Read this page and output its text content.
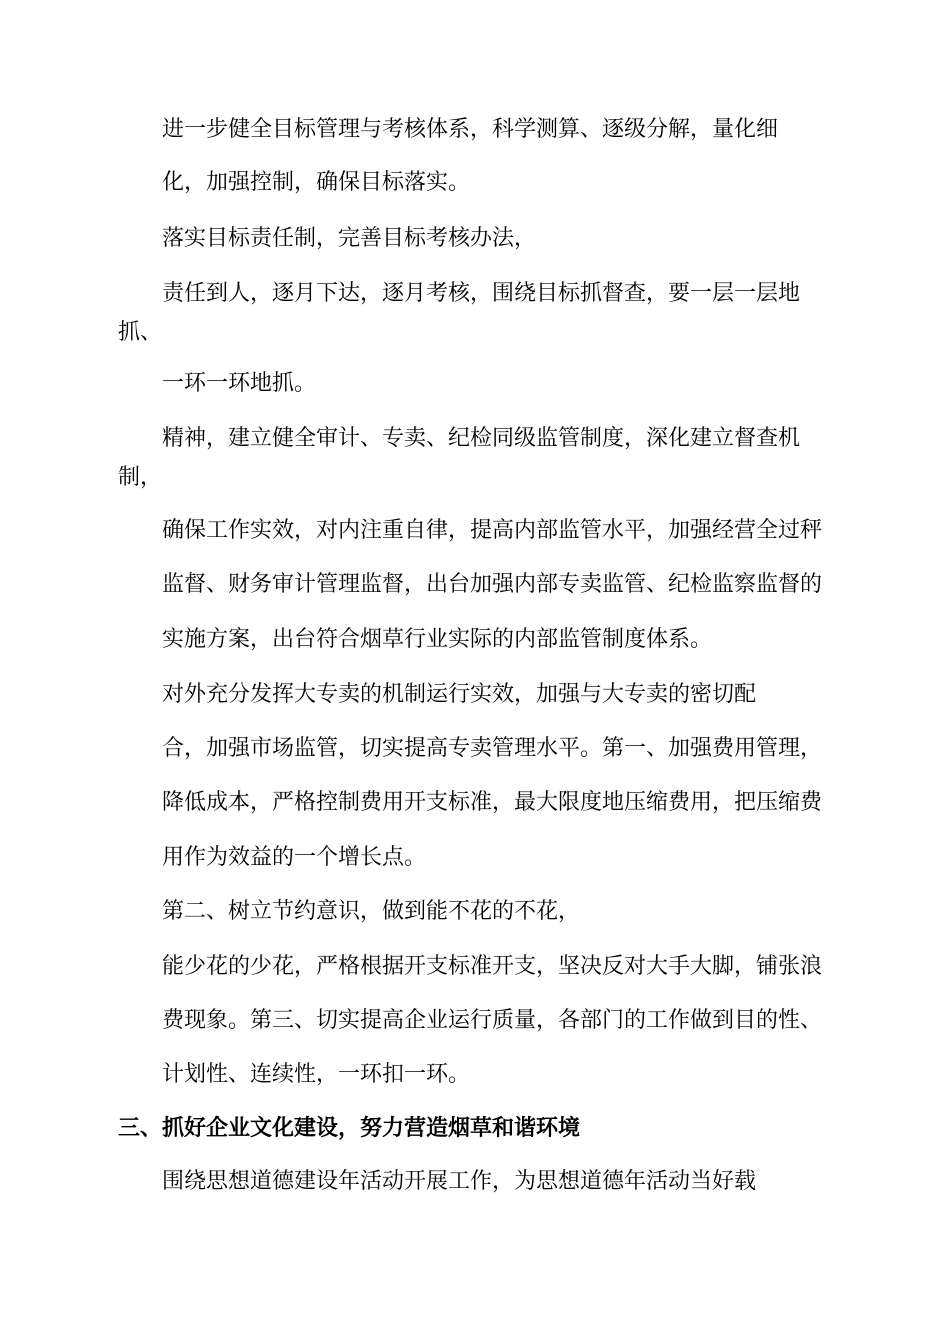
进一步健全目标管理与考核体系，科学测算、逐级分解，量化细
化，加强控制，确保目标落实。
落实目标责任制，完善目标考核办法，
责任到人，逐月下达，逐月考核，围绕目标抓督查，要一层一层地
抓、
一环一环地抓。
精神，建立健全审计、专卖、纪检同级监管制度，深化建立督查机
制，
确保工作实效，对内注重自律，提高内部监管水平，加强经营全过秤
监督、财务审计管理监督，出台加强内部专卖监管、纪检监察监督的
实施方案，出台符合烟草行业实际的内部监管制度体系。
对外充分发挥大专卖的机制运行实效，加强与大专卖的密切配
合，加强市场监管，切实提高专卖管理水平。第一、加强费用管理，
降低成本，严格控制费用开支标准，最大限度地压缩费用，把压缩费
用作为效益的一个增长点。
第二、树立节约意识，做到能不花的不花，
能少花的少花，严格根据开支标准开支，坚决反对大手大脚，铺张浪
费现象。第三、切实提高企业运行质量，各部门的工作做到目的性、
计划性、连续性，一环扣一环。
三、抓好企业文化建设，努力营造烟草和谐环境
围绕思想道德建设年活动开展工作，为思想道德年活动当好载
